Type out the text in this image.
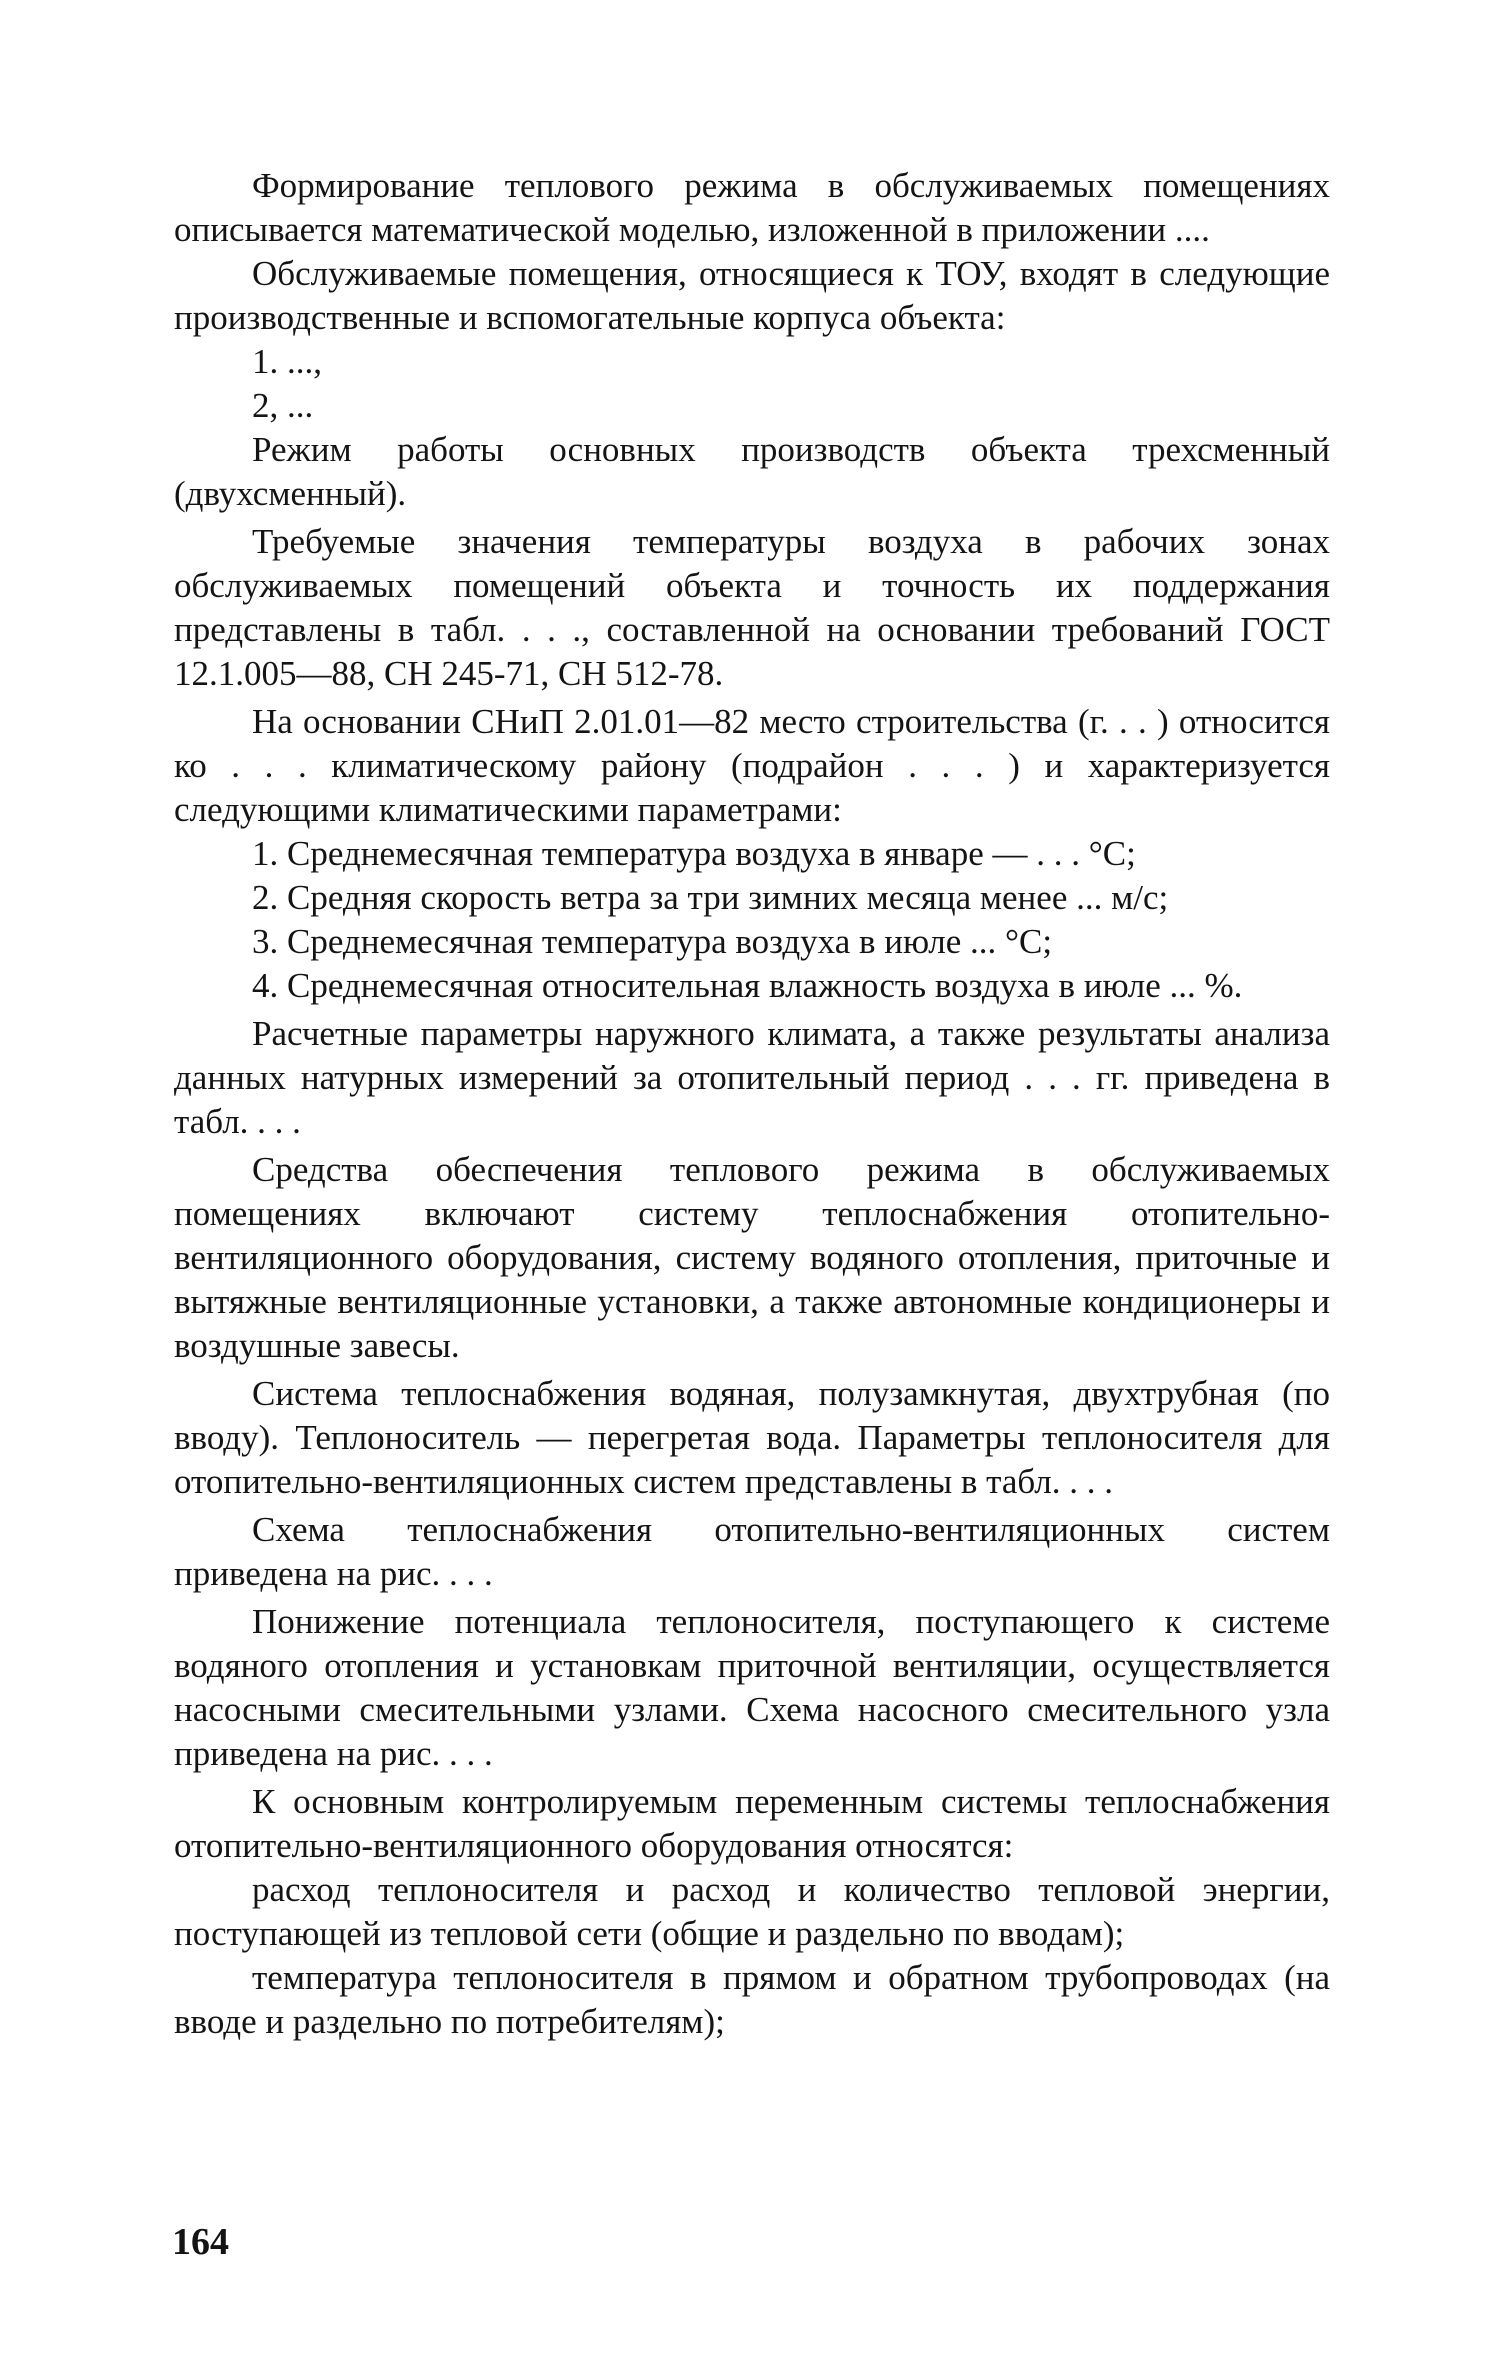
Формирование теплового режима в обслуживаемых помещениях описывается математической моделью, изложенной в приложении ....

Обслуживаемые помещения, относящиеся к ТОУ, входят в следующие производственные и вспомогательные корпуса объекта:

1. ...,

2, ...

Режим работы основных производств объекта трехсменный (двухсменный).

Требуемые значения температуры воздуха в рабочих зонах обслуживаемых помещений объекта и точность их поддержания представлены в табл. . . ., составленной на основании требований ГОСТ 12.1.005—88, СН 245-71, СН 512-78.

На основании СНиП 2.01.01—82 место строительства (г. . . ) относится ко . . . климатическому району (подрайон . . . ) и характеризуется следующими климатическими параметрами:

1. Среднемесячная температура воздуха в январе — . . . °С;

2. Средняя скорость ветра за три зимних месяца менее ... м/с;

3. Среднемесячная температура воздуха в июле ... °С;

4. Среднемесячная относительная влажность воздуха в июле ... %.

Расчетные параметры наружного климата, а также результаты анализа данных натурных измерений за отопительный период . . . гг. приведена в табл. . . .

Средства обеспечения теплового режима в обслуживаемых помещениях включают систему теплоснабжения отопительно-вентиляционного оборудования, систему водяного отопления, приточные и вытяжные вентиляционные установки, а также автономные кондиционеры и воздушные завесы.

Система теплоснабжения водяная, полузамкнутая, двухтрубная (по вводу). Теплоноситель — перегретая вода. Параметры теплоносителя для отопительно-вентиляционных систем представлены в табл. . . .

Схема теплоснабжения отопительно-вентиляционных систем приведена на рис. . . .

Понижение потенциала теплоносителя, поступающего к системе водяного отопления и установкам приточной вентиляции, осуществляется насосными смесительными узлами. Схема насосного смесительного узла приведена на рис. . . .

К основным контролируемым переменным системы теплоснабжения отопительно-вентиляционного оборудования относятся:

расход теплоносителя и расход и количество тепловой энергии, поступающей из тепловой сети (общие и раздельно по вводам);

температура теплоносителя в прямом и обратном трубопроводах (на вводе и раздельно по потребителям);

164
